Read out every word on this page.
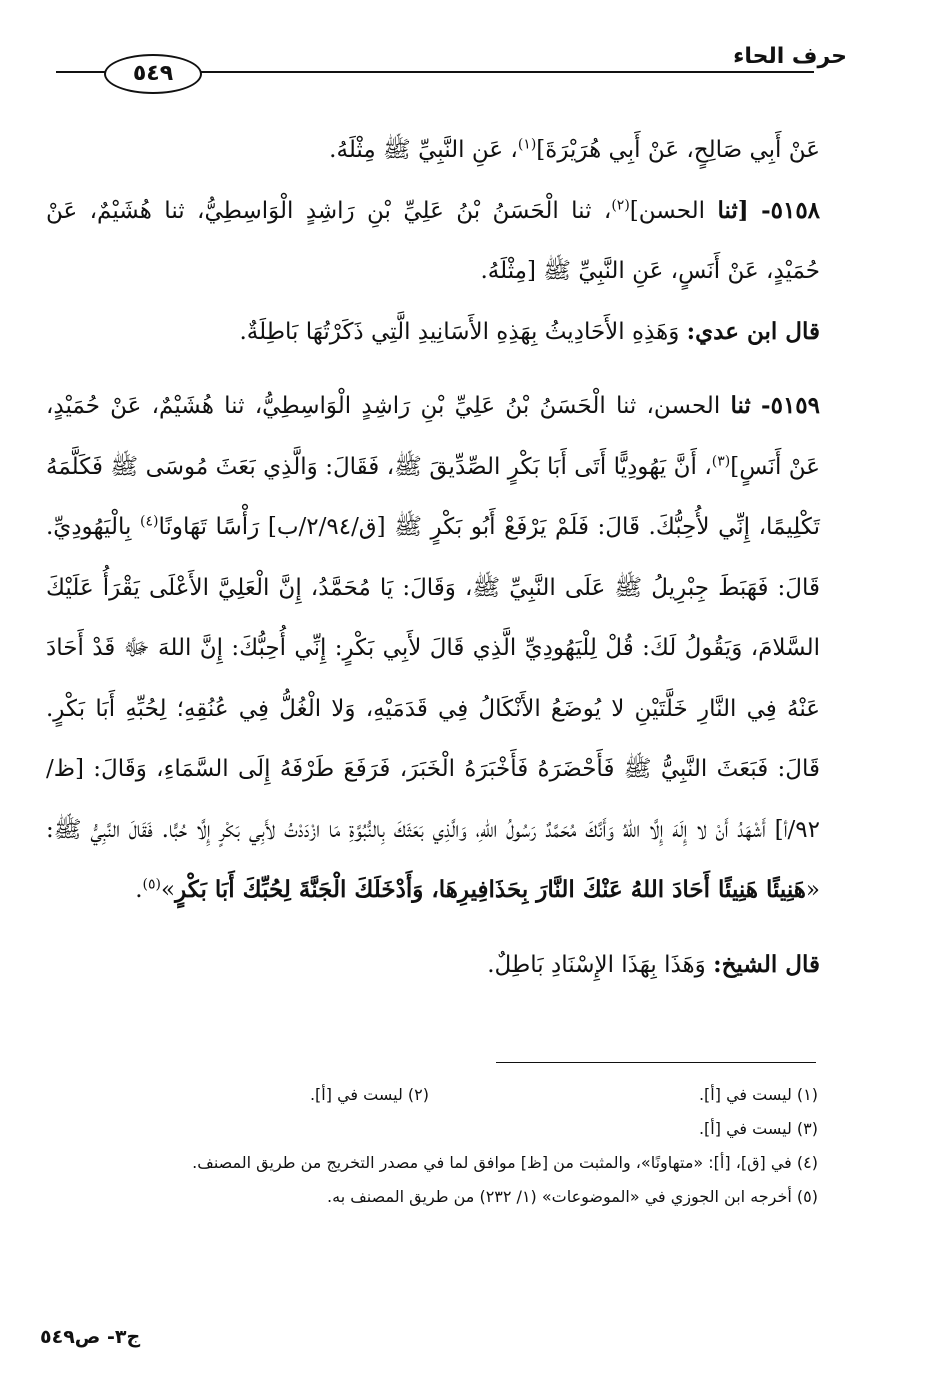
حرف الحاء
٥٤٩

عَنْ أَبِي صَالِحٍ، عَنْ أَبِي هُرَيْرَةَ]$^{(١)}$، عَنِ النَّبِيِّ ﷺ مِثْلَهُ.

٥١٥٨- [ثنا الحسن]$^{(٢)}$، ثنا الْحَسَنُ بْنُ عَلِيِّ بْنِ رَاشِدٍ الْوَاسِطِيُّ، ثنا هُشَيْمٌ، عَنْ حُمَيْدٍ، عَنْ أَنَسٍ، عَنِ النَّبِيِّ ﷺ [مِثْلَهُ.

قال ابن عدي: وَهَذِهِ الأَحَادِيثُ بِهَذِهِ الأَسَانِيدِ الَّتِي ذَكَرْتُهَا بَاطِلَةٌ.

٥١٥٩- ثنا الحسن، ثنا الْحَسَنُ بْنُ عَلِيِّ بْنِ رَاشِدٍ الْوَاسِطِيُّ، ثنا هُشَيْمٌ، عَنْ حُمَيْدٍ، عَنْ أَنَسٍ]$^{(٣)}$، أَنَّ يَهُودِيًّا أَتَى أَبَا بَكْرٍ الصِّدِّيقَ ﷺ، فَقَالَ: وَالَّذِي بَعَثَ مُوسَى ﷺ فَكَلَّمَهُ تَكْلِيمًا، إِنِّي لأُحِبُّكَ. قَالَ: فَلَمْ يَرْفَعْ أَبُو بَكْرٍ ﷺ [ق/٢/٩٤/ب] رَأْسًا تَهَاونًا$^{(٤)}$ بِالْيَهُودِيِّ. قَالَ: فَهَبَطَ جِبْرِيلُ ﷺ عَلَى النَّبِيِّ ﷺ، وَقَالَ: يَا مُحَمَّدُ، إِنَّ الْعَلِيَّ الأَعْلَى يَقْرَأُ عَلَيْكَ السَّلامَ، وَيَقُولُ لَكَ: قُلْ لِلْيَهُودِيِّ الَّذِي قَالَ لأَبِي بَكْرٍ: إِنِّي أُحِبُّكَ: إِنَّ اللهَ ﷻ قَدْ أَحَادَ عَنْهُ فِي النَّارِ خَلَّتَيْنِ لا يُوضَعُ الأَنْكَالُ فِي قَدَمَيْهِ، وَلا الْغُلُّ فِي عُنُقِهِ؛ لِحُبِّهِ أَبَا بَكْرٍ. قَالَ: فَبَعَثَ النَّبِيُّ ﷺ فَأَحْضَرَهُ فَأَخْبَرَهُ الْخَبَرَ، فَرَفَعَ طَرْفَهُ إِلَى السَّمَاءِ، وَقَالَ: [ظ/٩٢/أ] أَشْهَدُ أَنْ لا إِلَهَ إِلَّا اللهُ وَأَنَّكَ مُحَمَّدٌ رَسُولُ اللهِ، وَالَّذِي بَعَثَكَ بِالنُّبُوَّةِ مَا ازْدَدْتُ لأَبِي بَكْرٍ إِلَّا حُبًّا. فَقَالَ النَّبِيُّ ﷺ: «هَنِيئًا هَنِيئًا أَحَادَ اللهُ عَنْكَ النَّارَ بِحَذَافِيرِهَا، وَأَدْخَلَكَ الْجَنَّةَ لِحُبِّكَ أَبَا بَكْرٍ»$^{(٥)}$.

قال الشيخ: وَهَذَا بِهَذَا الإِسْنَادِ بَاطِلٌ.

(١) ليست في [أ].
(٢) ليست في [أ].
(٣) ليست في [أ].
(٤) في [ق]، [أ]: «متهاونًا»، والمثبت من [ظ] موافق لما في مصدر التخريج من طريق المصنف.
(٥) أخرجه ابن الجوزي في «الموضوعات» (١/ ٢٣٢) من طريق المصنف به.
ج٣- ص٥٤٩
